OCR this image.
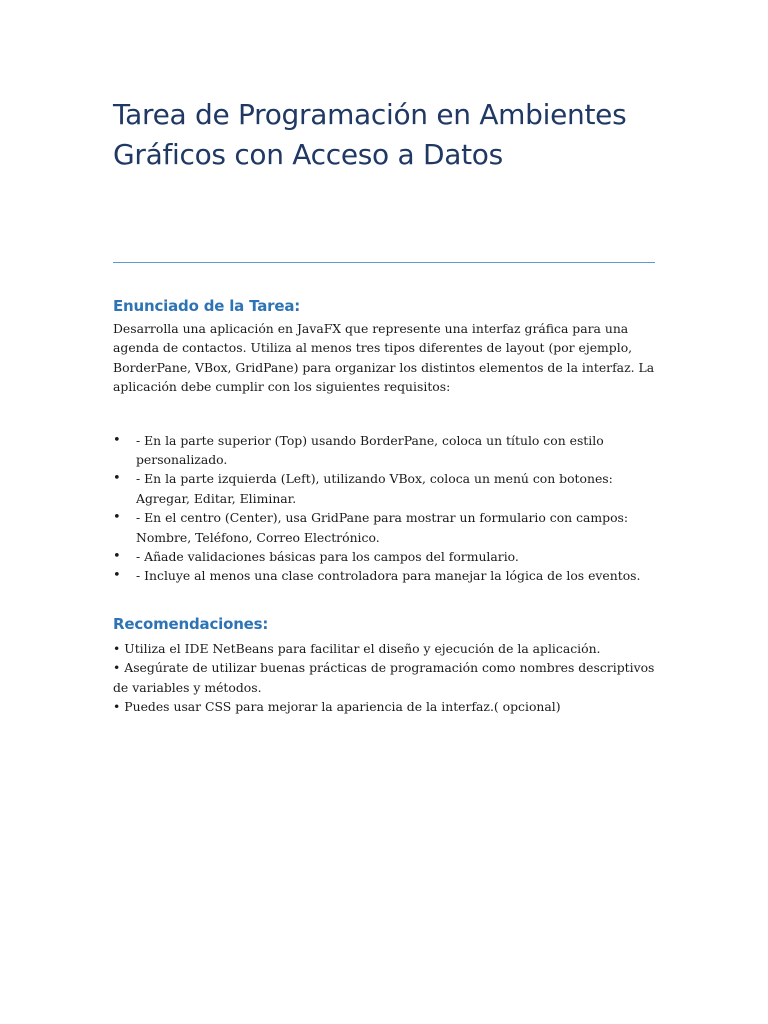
Tarea de Programación en Ambientes Gráficos con Acceso a Datos
Enunciado de la Tarea:

Desarrolla una aplicación en JavaFX que represente una interfaz gráfica para una agenda de contactos. Utiliza al menos tres tipos diferentes de layout (por ejemplo, BorderPane, VBox, GridPane) para organizar los distintos elementos de la interfaz. La aplicación debe cumplir con los siguientes requisitos:

• - En la parte superior (Top) usando BorderPane, coloca un título con estilo personalizado.
• - En la parte izquierda (Left), utilizando VBox, coloca un menú con botones: Agregar, Editar, Eliminar.
• - En el centro (Center), usa GridPane para mostrar un formulario con campos: Nombre, Teléfono, Correo Electrónico.
• - Añade validaciones básicas para los campos del formulario.
• - Incluye al menos una clase controladora para manejar la lógica de los eventos.
Recomendaciones:

• Utiliza el IDE NetBeans para facilitar el diseño y ejecución de la aplicación.

• Asegúrate de utilizar buenas prácticas de programación como nombres descriptivos de variables y métodos.

• Puedes usar CSS para mejorar la apariencia de la interfaz.( opcional)
